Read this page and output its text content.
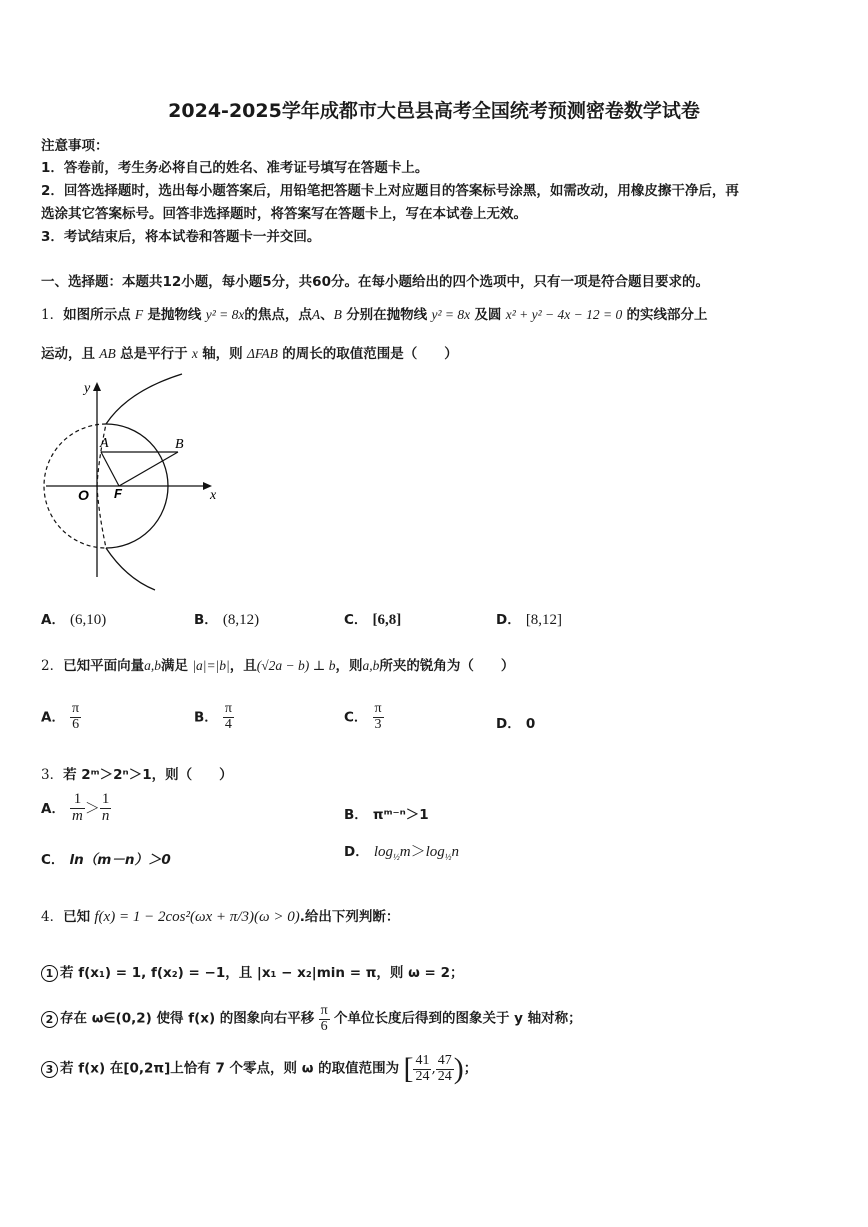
2024-2025学年成都市大邑县高考全国统考预测密卷数学试卷
注意事项：
1．答卷前，考生务必将自己的姓名、准考证号填写在答题卡上。
2．回答选择题时，选出每小题答案后，用铅笔把答题卡上对应题目的答案标号涂黑，如需改动，用橡皮擦干净后，再
选涂其它答案标号。回答非选择题时，将答案写在答题卡上，写在本试卷上无效。
3．考试结束后，将本试卷和答题卡一并交回。
一、选择题：本题共12小题，每小题5分，共60分。在每小题给出的四个选项中，只有一项是符合题目要求的。
1．如图所示点 F 是抛物线 y² = 8x的焦点，点A、B 分别在抛物线 y² = 8x 及圆 x² + y² − 4x − 12 = 0 的实线部分上
运动，且 AB 总是平行于 x 轴，则 ΔFAB 的周长的取值范围是（　　）
y
A	B
O F	x
A． (6,10)	B． (8,12)	C． [6,8]	D． [8,12]
2．已知平面向量a,b满足 |a|=|b|，且(√2a − b) ⊥ b，则a,b所夹的锐角为（　　）
A． $\frac{\pi}{6}$	B． $\frac{\pi}{4}$	C． $\frac{\pi}{3}$	D． 0
3．若 2ᵐ＞2ⁿ＞1，则（　　）
A． $\frac{1}{m} > \frac{1}{n}$	B． πᵐ⁻ⁿ＞1
C． ln（m－n）＞0	D． $\log_{\frac{1}{2}}m>\log_{\frac{1}{2}}n$
4．已知 f(x) = 1 − 2cos²(ωx + π/3)(ω > 0).给出下列判断：
1 若 f(x₁) = 1, f(x₂) = −1，且 |x₁ − x₂|min = π，则 ω = 2；
2 存在 ω∈(0,2) 使得 f(x) 的图象向右平移 $\frac{\pi}{6}$ 个单位长度后得到的图象关于 y 轴对称；
3 若 f(x) 在[0,2π]上恰有 7 个零点，则 ω 的取值范围为 [ $\frac{41}{24}$ , $\frac{47}{24}$ )；
